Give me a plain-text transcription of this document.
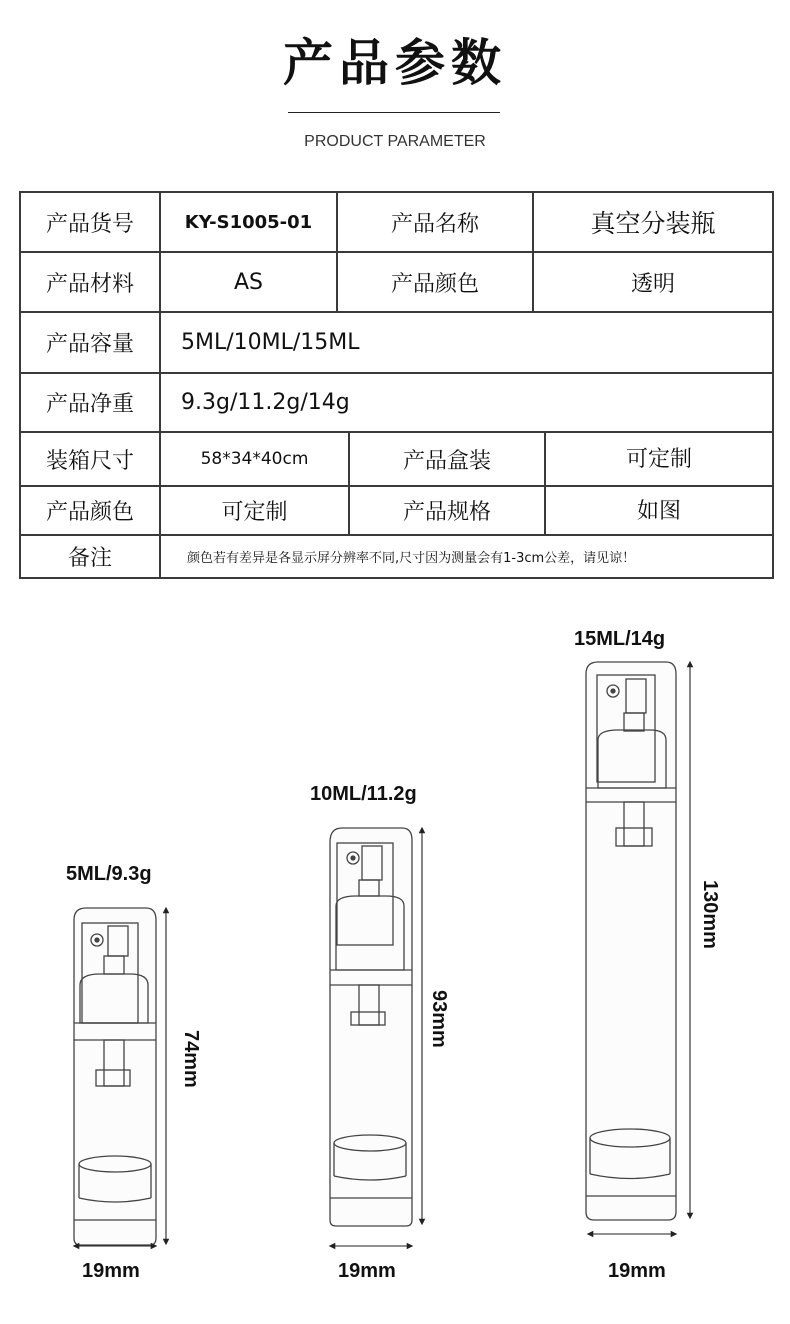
产品参数
PRODUCT PARAMETER
产品货号	KY-S1005-01	产品名称	真空分装瓶
产品材料	AS	产品颜色	透明
产品容量	5ML/10ML/15ML
产品净重	9.3g/11.2g/14g
装箱尺寸	58*34*40cm	产品盒装	可定制
产品颜色	可定制	产品规格	如图
备注	颜色若有差异是各显示屏分辨率不同,尺寸因为测量会有1-3cm公差，请见谅！
5ML/9.3g
10ML/11.2g
15ML/14g
74mm
93mm
130mm
19mm	19mm	19mm
